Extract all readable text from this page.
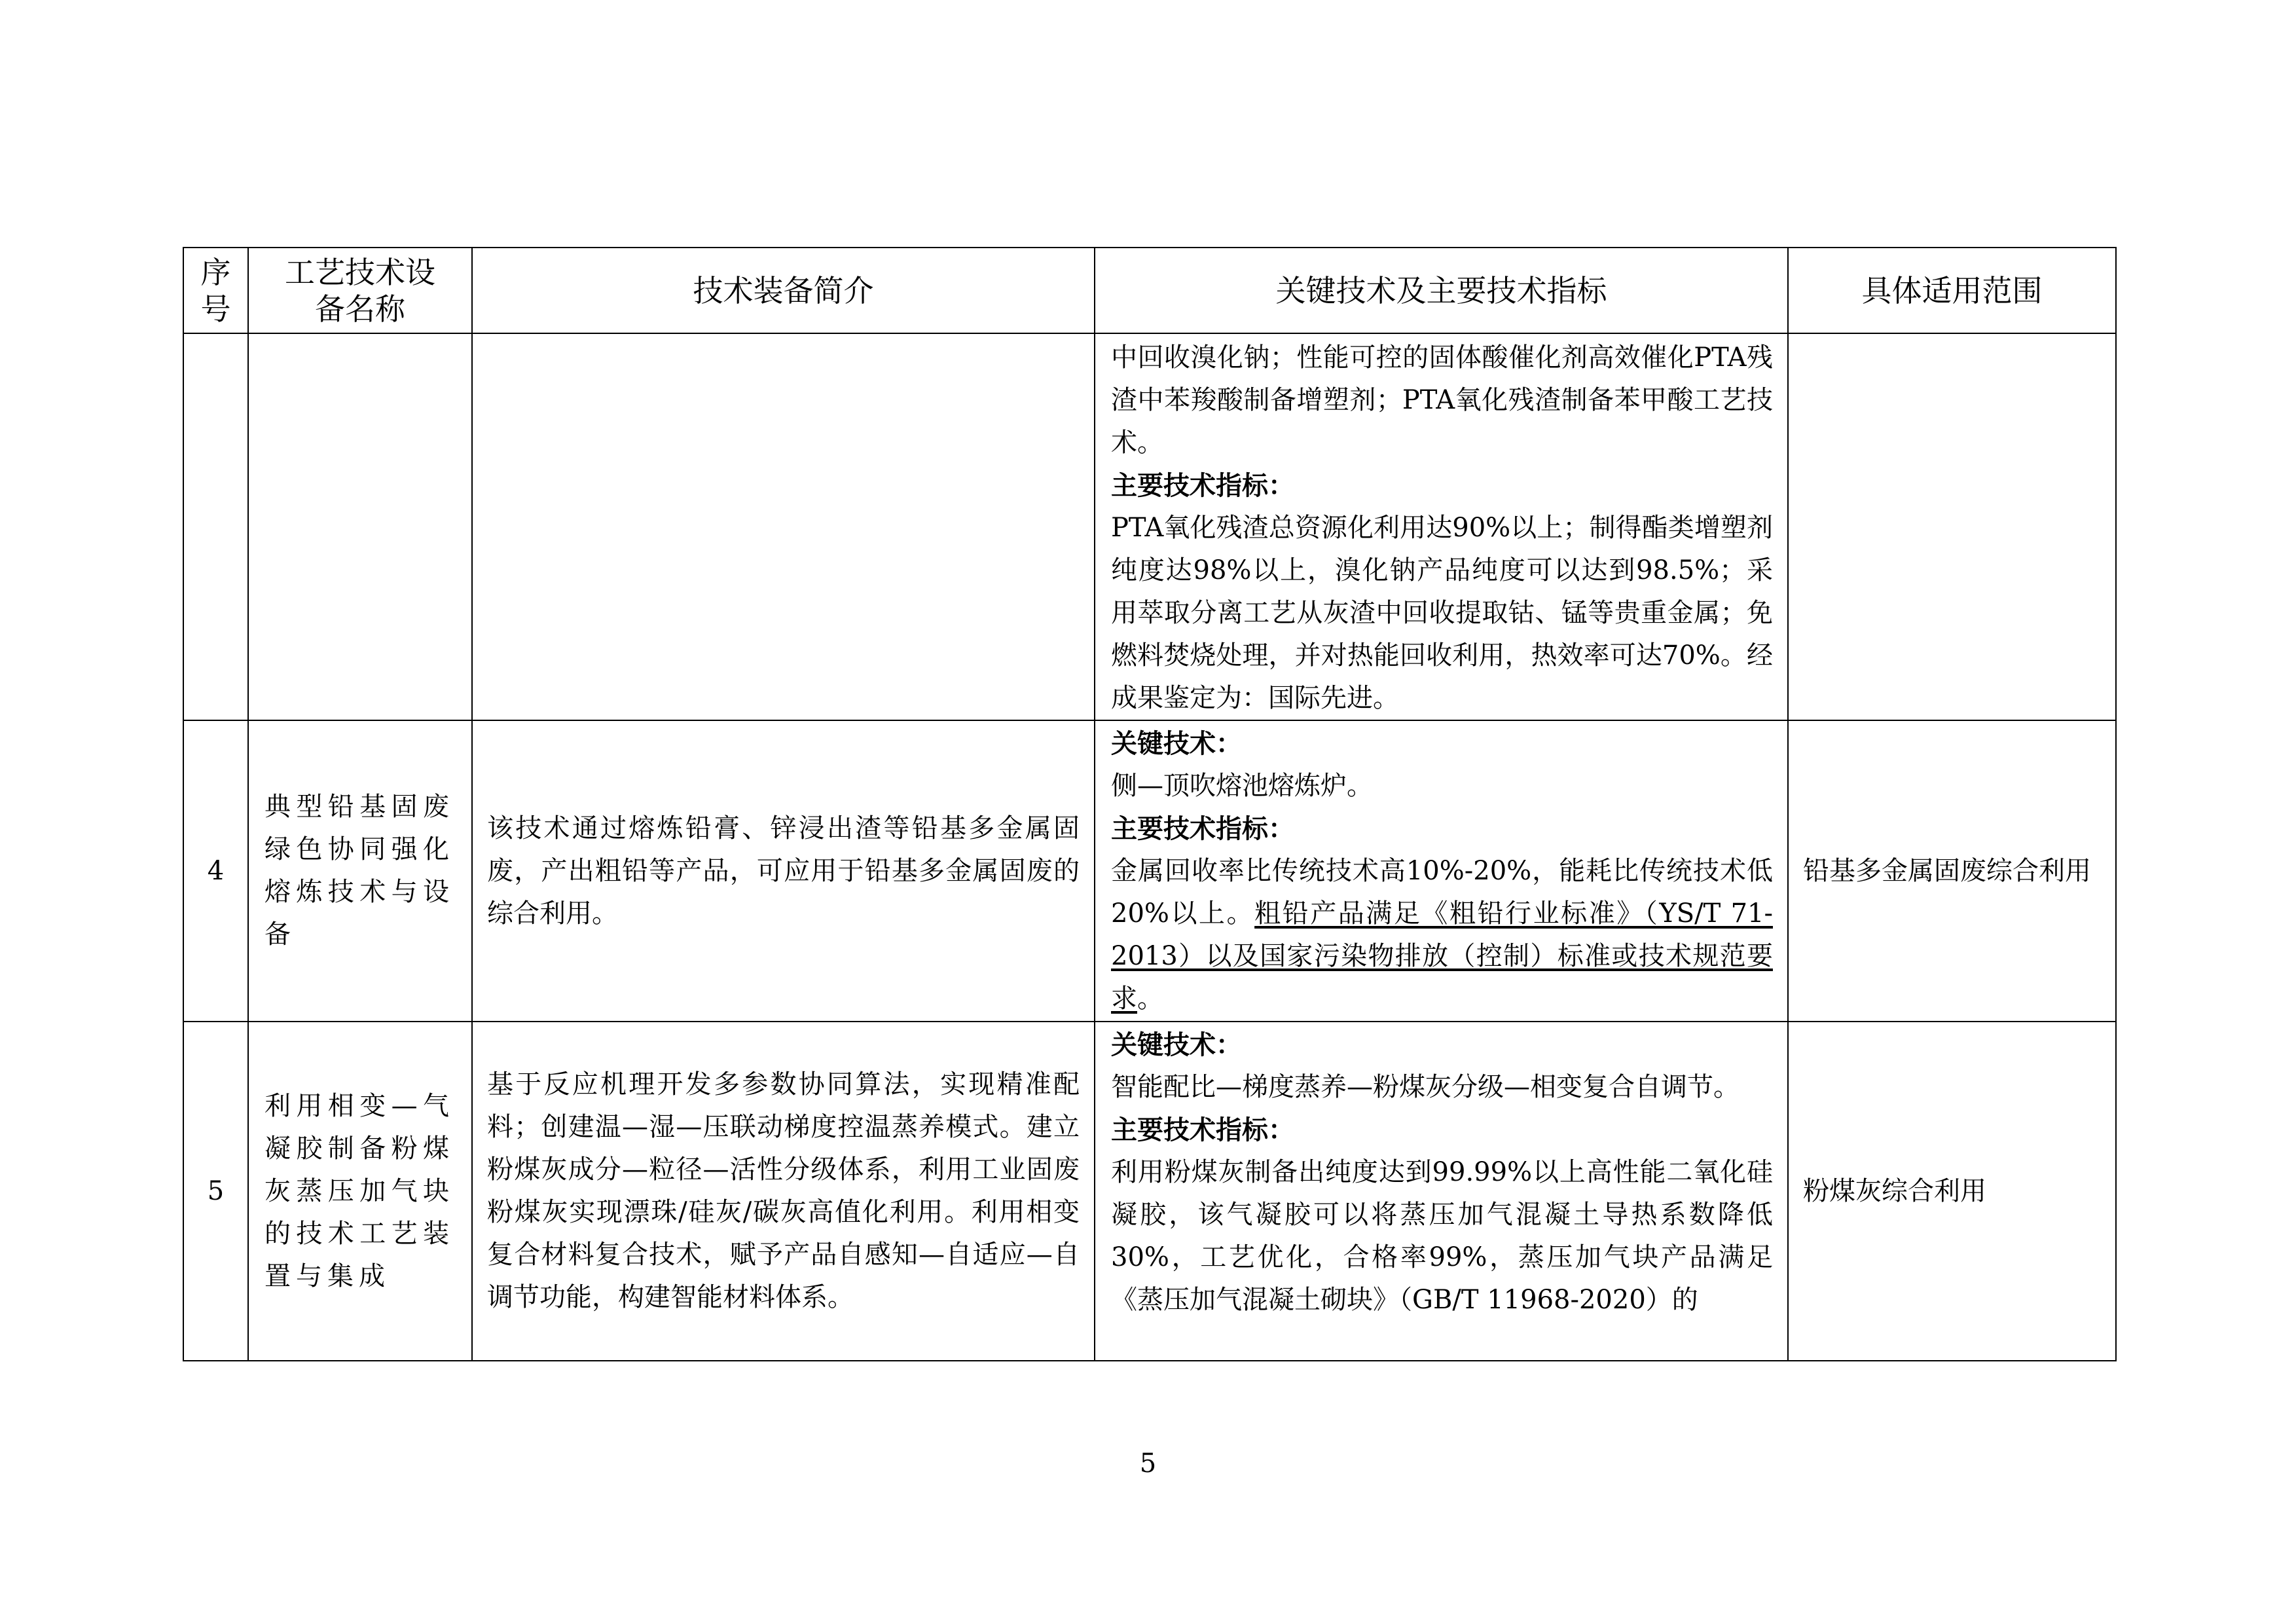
序号	工艺技术设备名称	技术装备简介	关键技术及主要技术指标	具体适用范围

			中回收溴化钠；性能可控的固体酸催化剂高效催化PTA残渣中苯羧酸制备增塑剂；PTA氧化残渣制备苯甲酸工艺技术。
主要技术指标：
PTA氧化残渣总资源化利用达90%以上；制得酯类增塑剂纯度达98%以上，溴化钠产品纯度可以达到98.5%；采用萃取分离工艺从灰渣中回收提取钴、锰等贵重金属；免燃料焚烧处理，并对热能回收利用，热效率可达70%。经成果鉴定为：国际先进。	

4	典型铅基固废绿色协同强化熔炼技术与设备	该技术通过熔炼铅膏、锌浸出渣等铅基多金属固废，产出粗铅等产品，可应用于铅基多金属固废的综合利用。	关键技术：
侧—顶吹熔池熔炼炉。
主要技术指标：
金属回收率比传统技术高10%-20%，能耗比传统技术低20%以上。粗铅产品满足《粗铅行业标准》（YS/T 71-2013）以及国家污染物排放（控制）标准或技术规范要求。	铅基多金属固废综合利用
5	利用相变—气凝胶制备粉煤灰蒸压加气块的技术工艺装置与集成	基于反应机理开发多参数协同算法，实现精准配料；创建温—湿—压联动梯度控温蒸养模式。建立粉煤灰成分—粒径—活性分级体系，利用工业固废粉煤灰实现漂珠/硅灰/碳灰高值化利用。利用相变复合材料复合技术，赋予产品自感知—自适应—自调节功能，构建智能材料体系。	关键技术：
智能配比—梯度蒸养—粉煤灰分级—相变复合自调节。
主要技术指标：
利用粉煤灰制备出纯度达到99.99%以上高性能二氧化硅凝胶，该气凝胶可以将蒸压加气混凝土导热系数降低30%，工艺优化，合格率99%，蒸压加气块产品满足《蒸压加气混凝土砌块》（GB/T 11968-2020）的	粉煤灰综合利用
5
